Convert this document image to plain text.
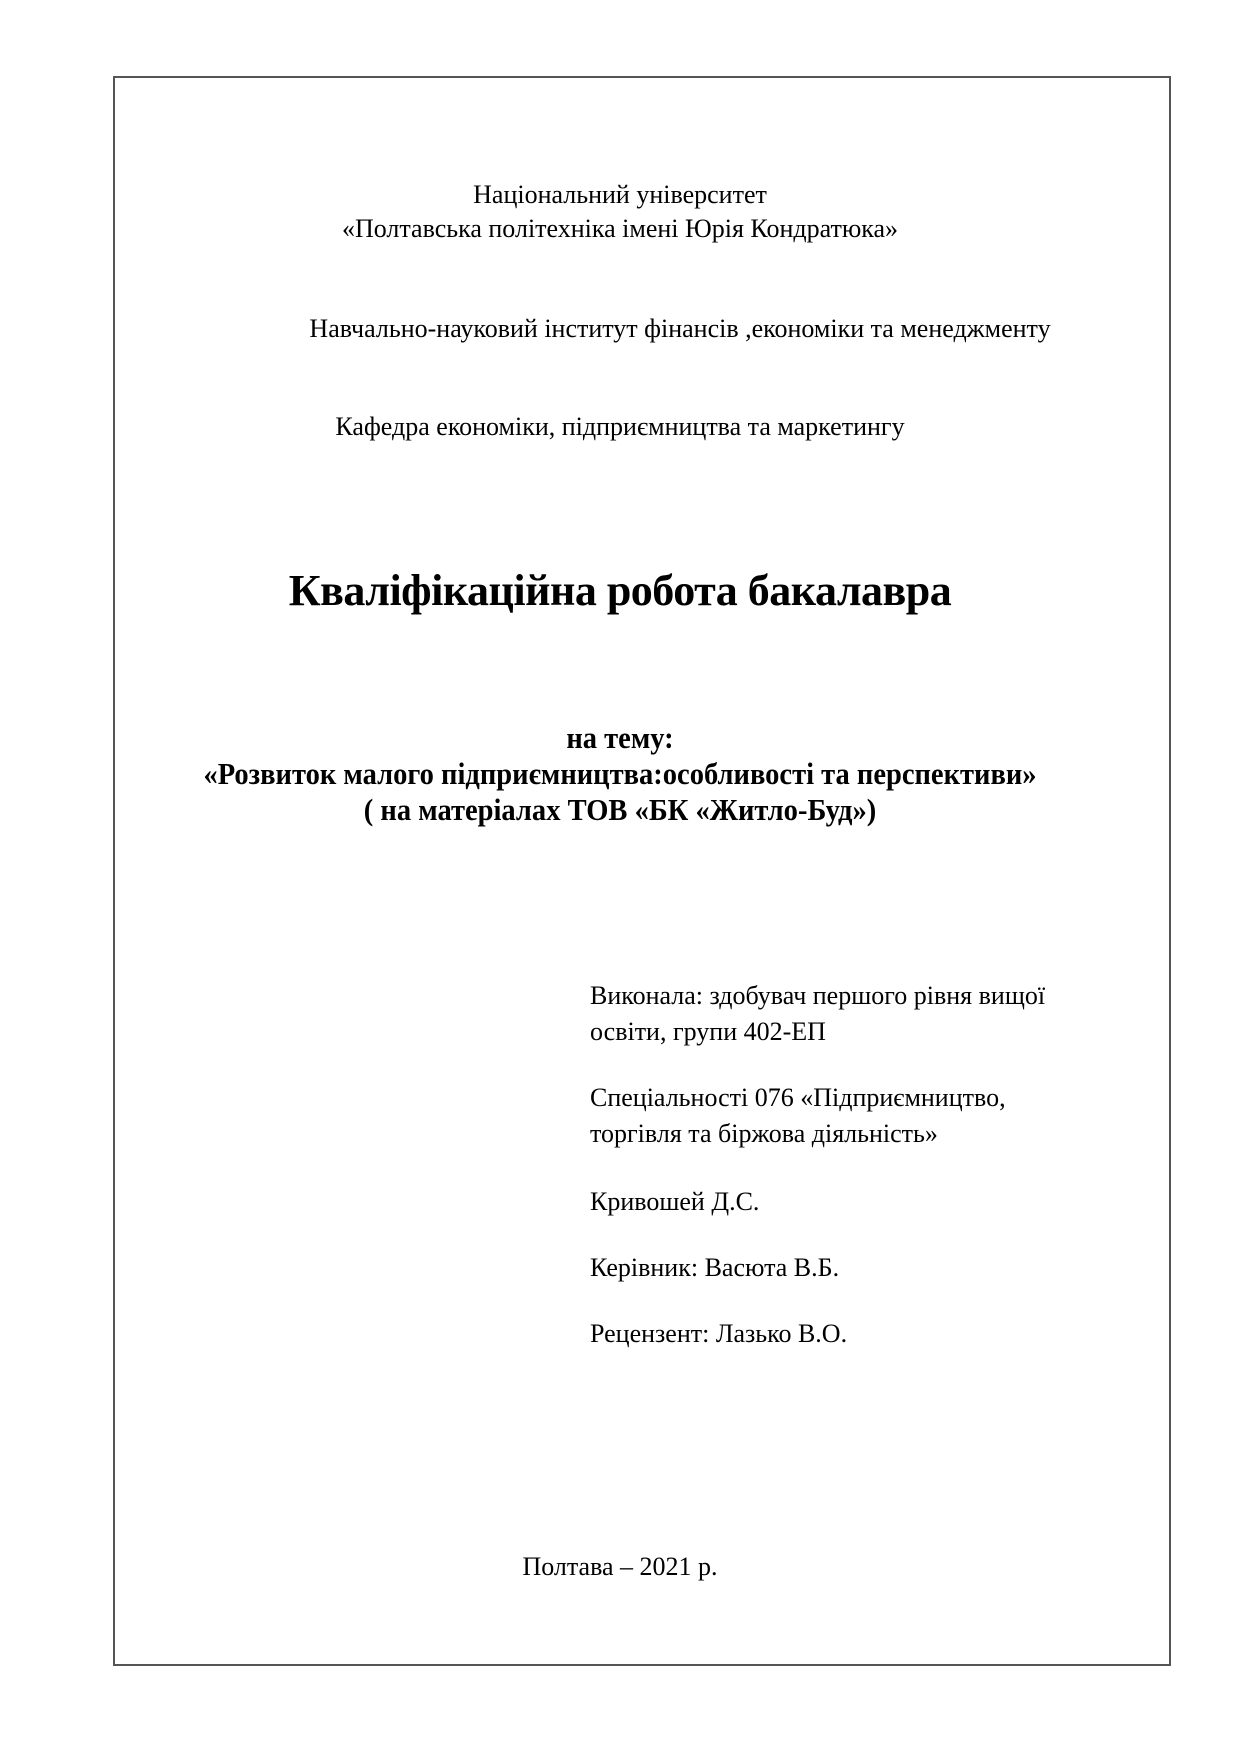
Національний університет
«Полтавська політехніка імені Юрія Кондратюка»
Навчально-науковий інститут фінансів ,економіки та менеджменту
Кафедра економіки, підприємництва та маркетингу
Кваліфікаційна робота бакалавра
на тему:
«Розвиток малого підприємництва:особливості та перспективи»
( на матеріалах ТОВ «БК «Житло-Буд»)

Виконала: здобувач першого рівня вищої

освіти, групи 402-ЕП

Спеціальності 076 «Підприємництво,

торгівля та біржова діяльність»

Кривошей Д.С.

Керівник: Васюта В.Б.

Рецензент: Лазько В.О.

Полтава – 2021 р.
